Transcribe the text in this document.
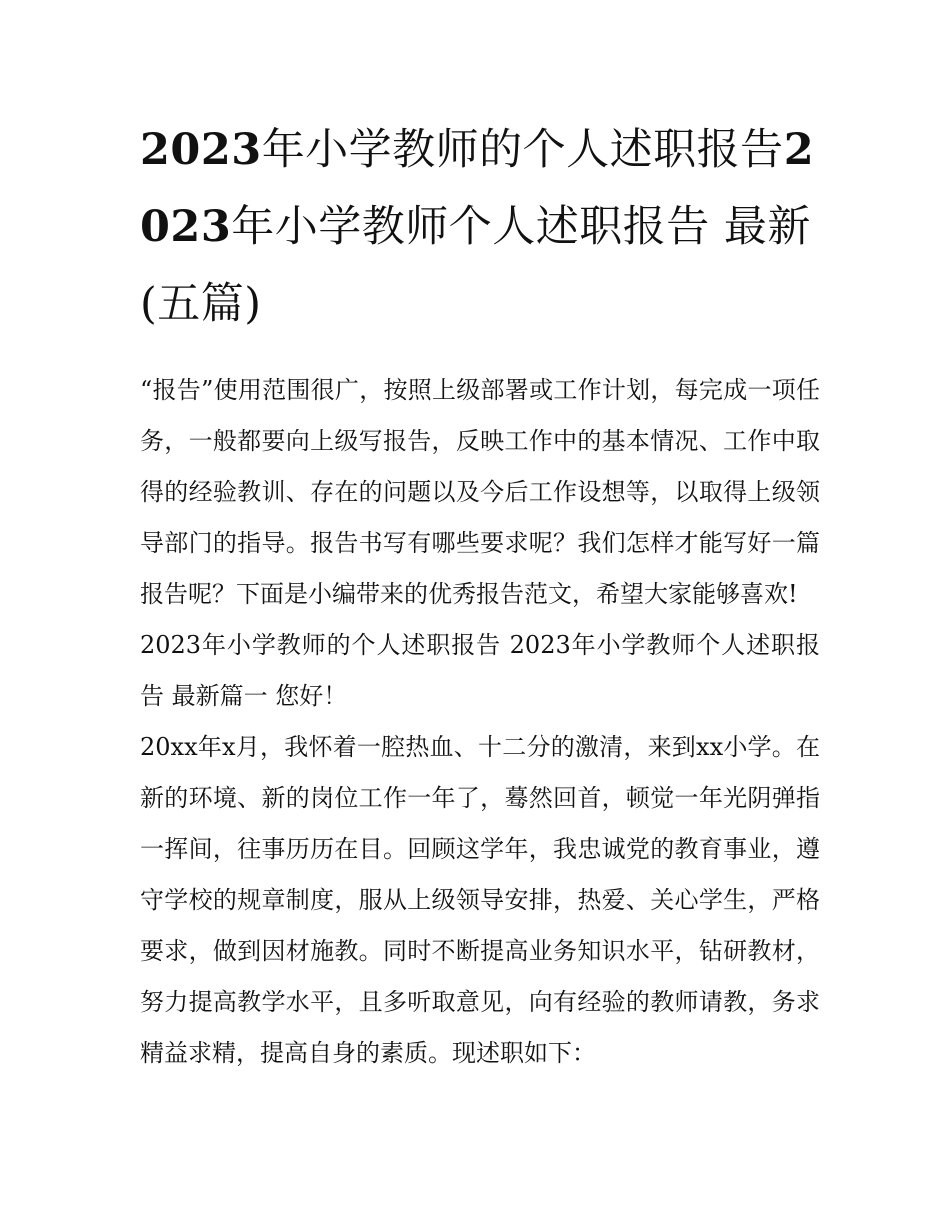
2023年小学教师的个人述职报告2023年小学教师个人述职报告 最新(五篇)

“报告”使用范围很广，按照上级部署或工作计划，每完成一项任务，一般都要向上级写报告，反映工作中的基本情况、工作中取得的经验教训、存在的问题以及今后工作设想等，以取得上级领导部门的指导。报告书写有哪些要求呢？我们怎样才能写好一篇报告呢？下面是小编带来的优秀报告范文，希望大家能够喜欢!

2023年小学教师的个人述职报告 2023年小学教师个人述职报告 最新篇一 您好！

20xx年x月，我怀着一腔热血、十二分的激清，来到xx小学。在新的环境、新的岗位工作一年了，蓦然回首，顿觉一年光阴弹指一挥间，往事历历在目。回顾这学年，我忠诚党的教育事业，遵守学校的规章制度，服从上级领导安排，热爱、关心学生，严格要求，做到因材施教。同时不断提高业务知识水平，钻研教材，努力提高教学水平，且多听取意见，向有经验的教师请教，务求精益求精，提高自身的素质。现述职如下：
